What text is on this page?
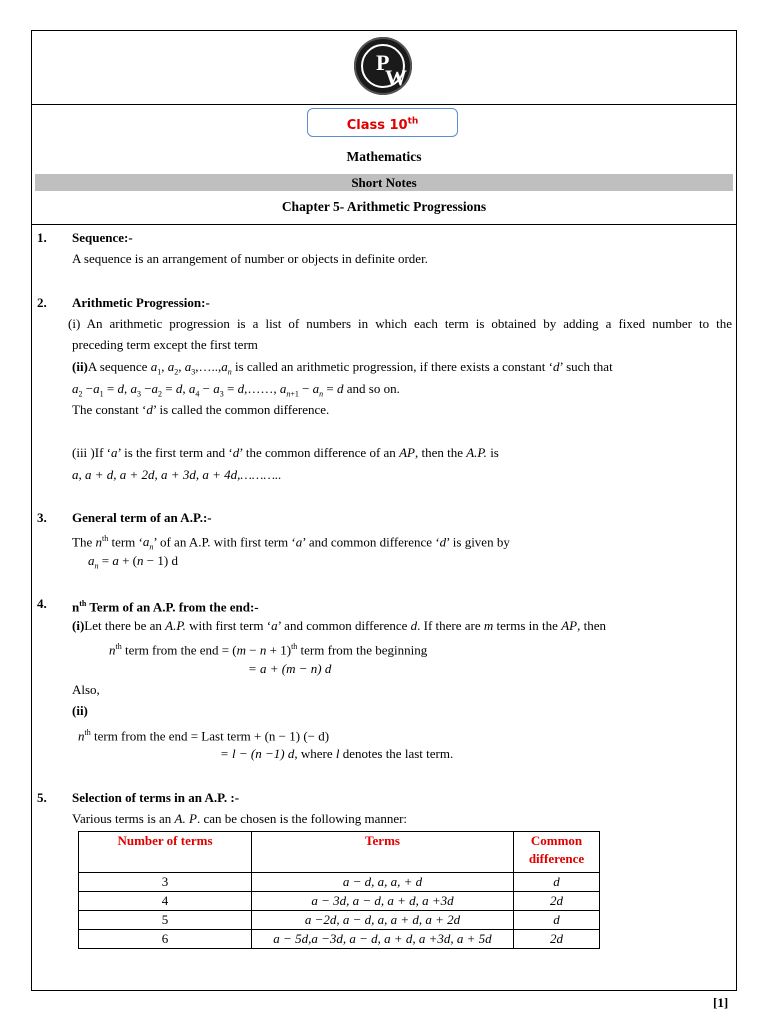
P
W
Class 10th
Mathematics
Short Notes
Chapter 5- Arithmetic Progressions
1. Sequence:-
A sequence is an arrangement of number or objects in definite order.
2. Arithmetic Progression:-
(i) An arithmetic progression is a list of numbers in which each term is obtained by adding a fixed number to the
preceding term except the first term
(ii)A sequence $a_1$, $a_2$, $a_3,\dots..,a_n$ is called an arithmetic progression, if there exists a constant ‘d’ such that
$a_2 -a_1 = d$, $a_3 -a_2 = d$, $a_4 - a_3$ = d,……, $a_{n+1} - a_n = d$ and so on.
The constant ‘d’ is called the common difference.
(iii )If ‘a’ is the first term and ‘d’ the common difference of an AP, then the A.P. is
a, a + d, a + 2d, a + 3d, a + 4d,………..
3. General term of an A.P.:-
The $n^{th}$ term ‘$a_n$’ of an A.P. with first term ‘a’ and common difference ‘d’ is given by
$a_n = a + (n - 1)$ d
4. $n^{th}$ Term of an A.P. from the end:-
(i)Let there be an A.P. with first term ‘a’ and common difference d. If there are m terms in the AP, then
$n^{th}$ term from the end = $(m - n + 1)^{th}$ term from the beginning
= a + (m − n) d
Also,
(ii)
$n^{th}$ term from the end = Last term + (n − 1) (− d)
= l − (n −1) d, where l denotes the last term.
5. Selection of terms in an A.P. :-
Various terms is an A. P. can be chosen is the following manner:
Number of terms	Terms	Common difference
3	a − d, a, a, + d	d
4	a − 3d, a − d, a + d, a +3d	2d
5	a −2d, a − d, a, a + d, a + 2d	d
6	a − 5d,a −3d, a − d, a + d, a +3d, a + 5d	2d
[1]
